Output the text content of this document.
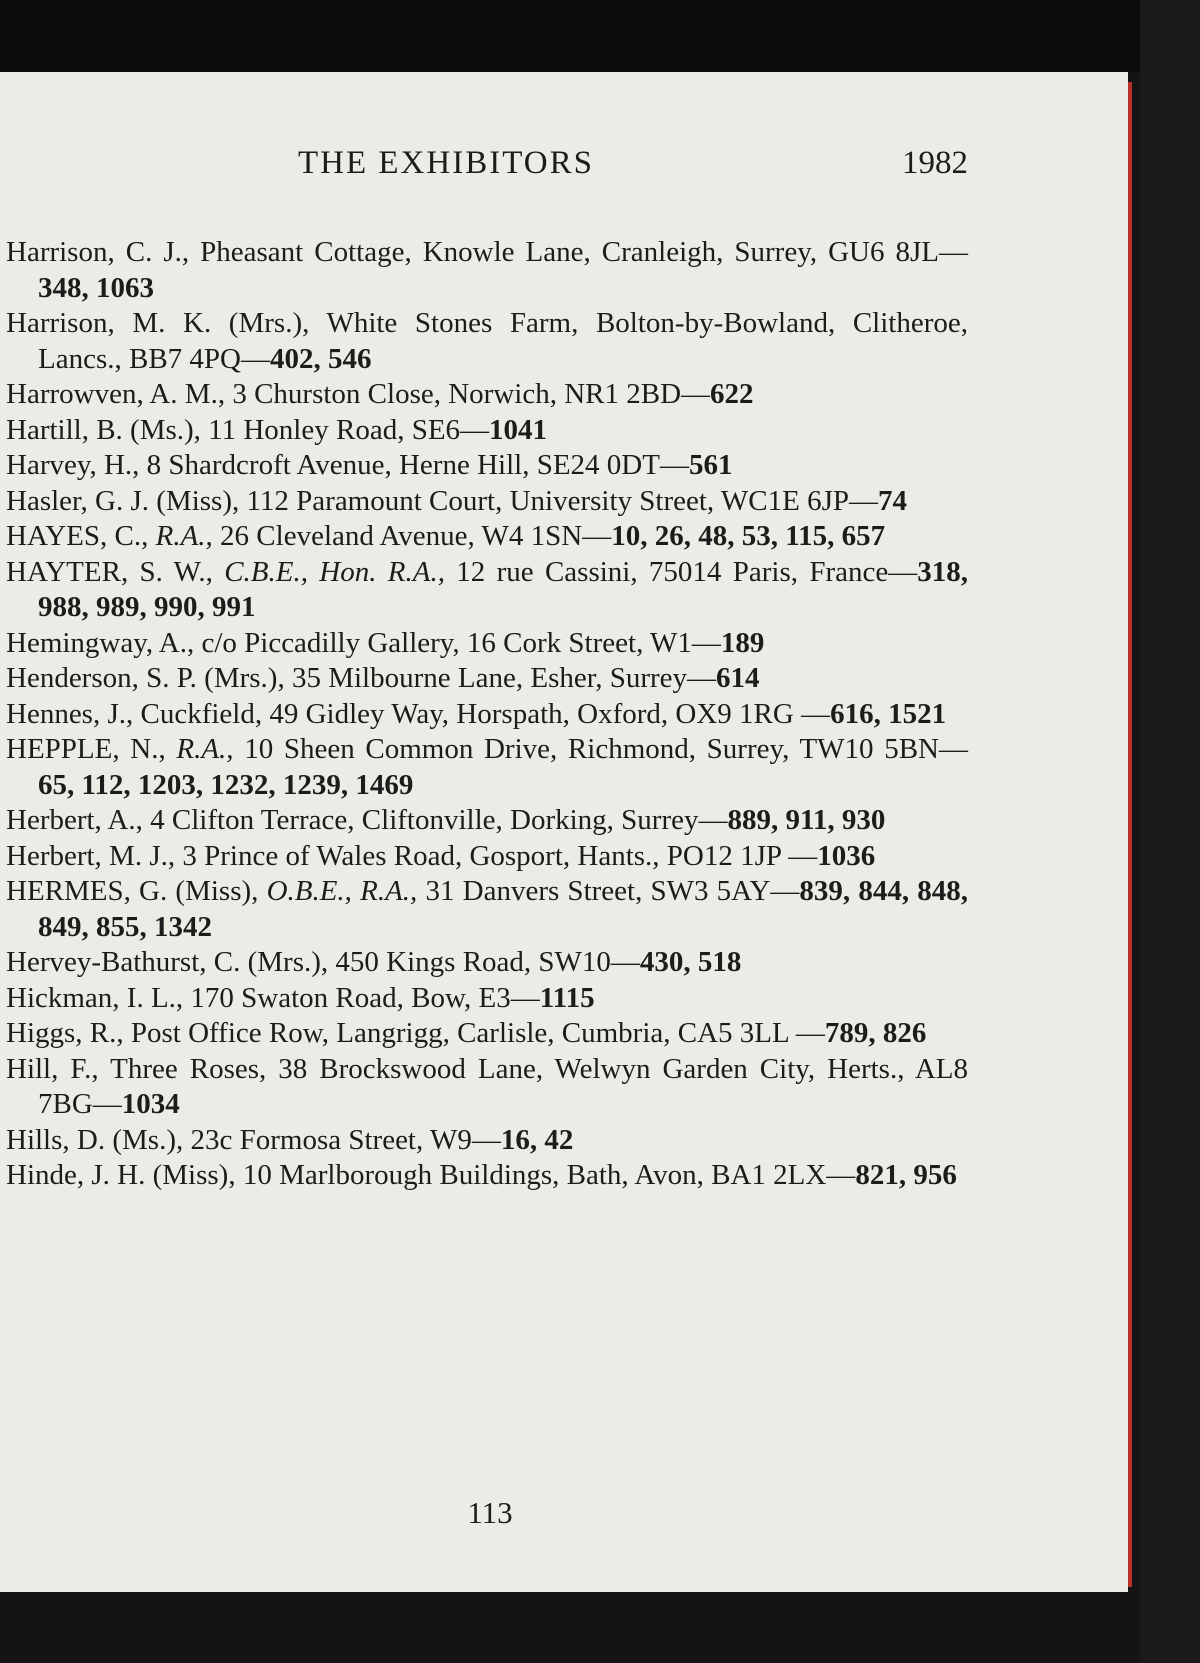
THE EXHIBITORS	1982
Harrison, C. J., Pheasant Cottage, Knowle Lane, Cranleigh, Surrey, GU6 8JL—348, 1063
Harrison, M. K. (Mrs.), White Stones Farm, Bolton-by-Bowland, Clitheroe, Lancs., BB7 4PQ—402, 546
Harrowven, A. M., 3 Churston Close, Norwich, NR1 2BD—622
Hartill, B. (Ms.), 11 Honley Road, SE6—1041
Harvey, H., 8 Shardcroft Avenue, Herne Hill, SE24 0DT—561
Hasler, G. J. (Miss), 112 Paramount Court, University Street, WC1E 6JP—74
HAYES, C., R.A., 26 Cleveland Avenue, W4 1SN—10, 26, 48, 53, 115, 657
HAYTER, S. W., C.B.E., Hon. R.A., 12 rue Cassini, 75014 Paris, France—318, 988, 989, 990, 991
Hemingway, A., c/o Piccadilly Gallery, 16 Cork Street, W1—189
Henderson, S. P. (Mrs.), 35 Milbourne Lane, Esher, Surrey—614
Hennes, J., Cuckfield, 49 Gidley Way, Horspath, Oxford, OX9 1RG —616, 1521
HEPPLE, N., R.A., 10 Sheen Common Drive, Richmond, Surrey, TW10 5BN—65, 112, 1203, 1232, 1239, 1469
Herbert, A., 4 Clifton Terrace, Cliftonville, Dorking, Surrey—889, 911, 930
Herbert, M. J., 3 Prince of Wales Road, Gosport, Hants., PO12 1JP —1036
HERMES, G. (Miss), O.B.E., R.A., 31 Danvers Street, SW3 5AY—839, 844, 848, 849, 855, 1342
Hervey-Bathurst, C. (Mrs.), 450 Kings Road, SW10—430, 518
Hickman, I. L., 170 Swaton Road, Bow, E3—1115
Higgs, R., Post Office Row, Langrigg, Carlisle, Cumbria, CA5 3LL —789, 826
Hill, F., Three Roses, 38 Brockswood Lane, Welwyn Garden City, Herts., AL8 7BG—1034
Hills, D. (Ms.), 23c Formosa Street, W9—16, 42
Hinde, J. H. (Miss), 10 Marlborough Buildings, Bath, Avon, BA1 2LX—821, 956
113
